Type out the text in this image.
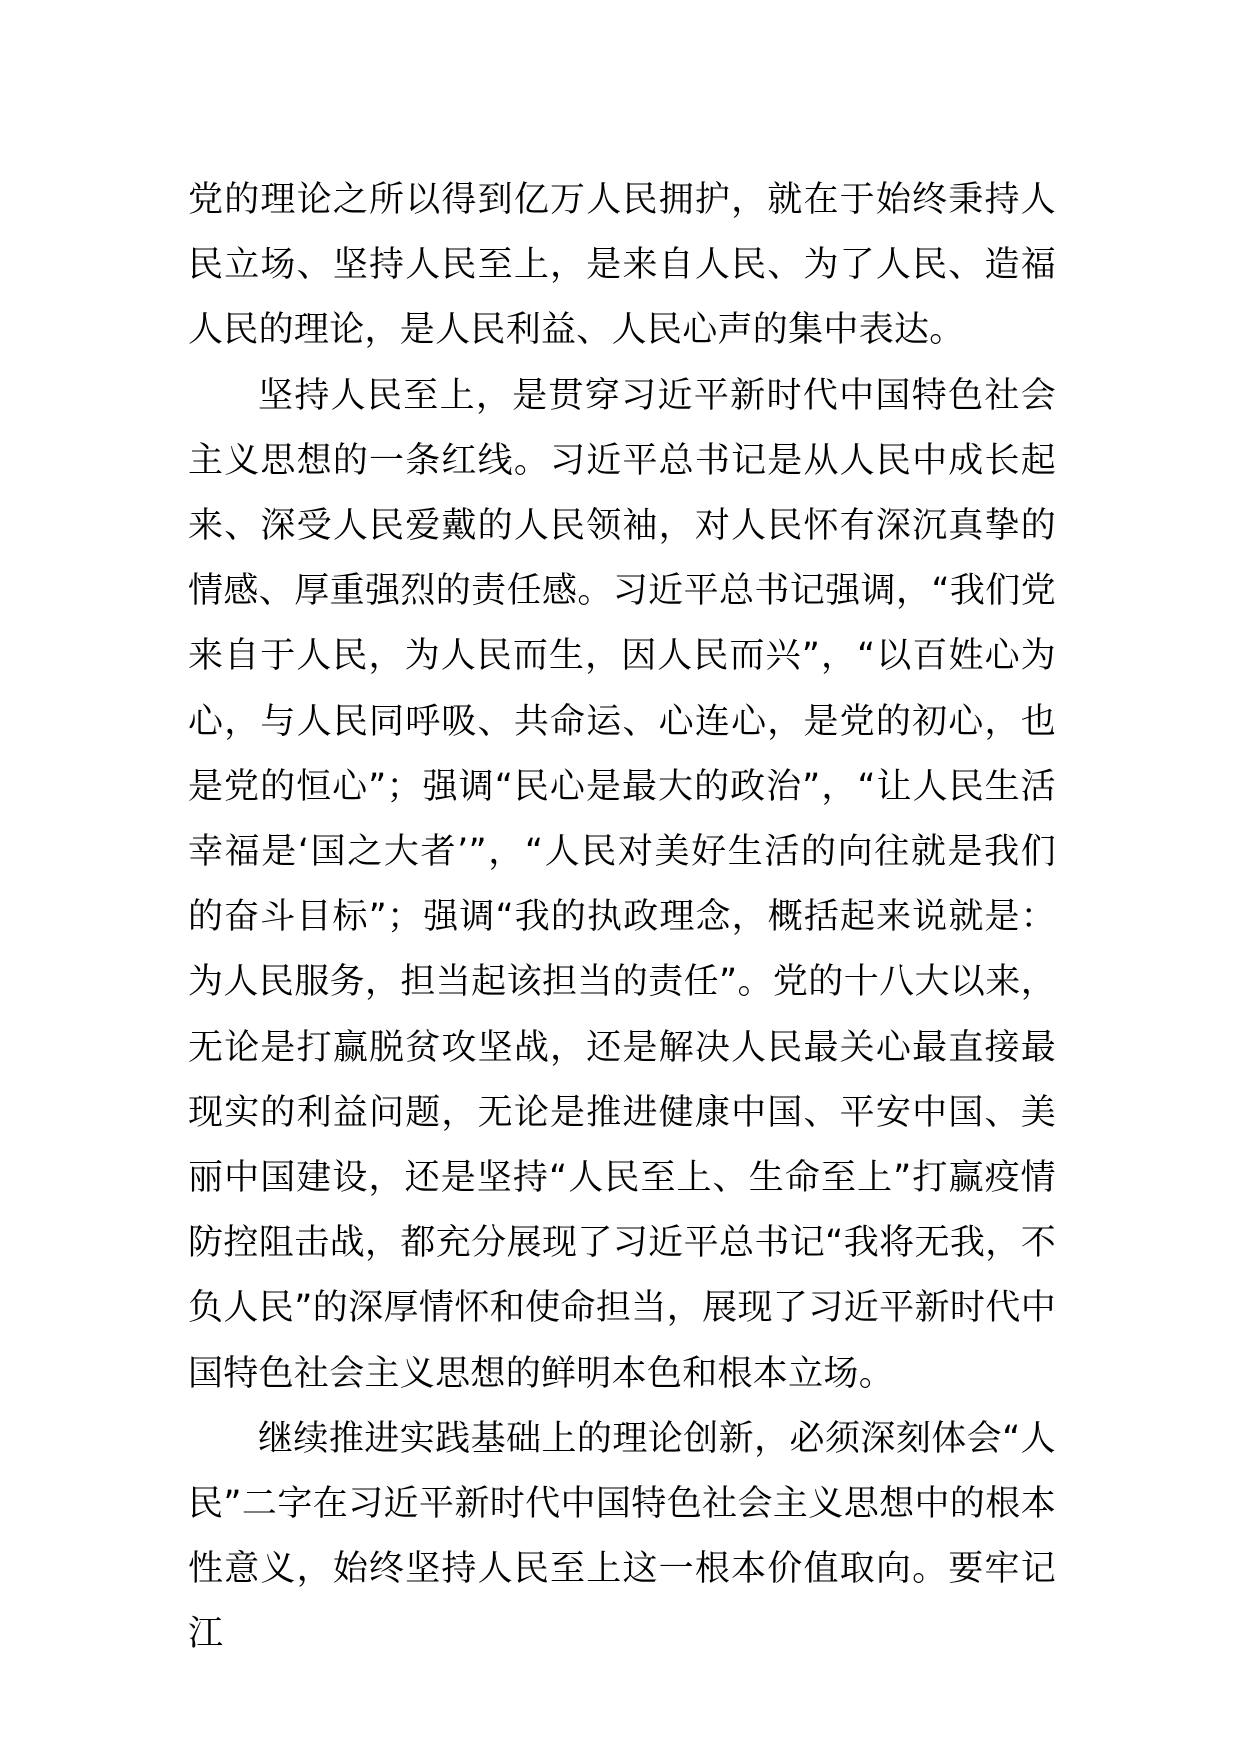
党的理论之所以得到亿万人民拥护，就在于始终秉持人民立场、坚持人民至上，是来自人民、为了人民、造福人民的理论，是人民利益、人民心声的集中表达。

坚持人民至上，是贯穿习近平新时代中国特色社会主义思想的一条红线。习近平总书记是从人民中成长起来、深受人民爱戴的人民领袖，对人民怀有深沉真挚的情感、厚重强烈的责任感。习近平总书记强调，“我们党来自于人民，为人民而生，因人民而兴”，“以百姓心为心，与人民同呼吸、共命运、心连心，是党的初心，也是党的恒心”；强调“民心是最大的政治”，“让人民生活幸福是‘国之大者’”，“人民对美好生活的向往就是我们的奋斗目标”；强调“我的执政理念，概括起来说就是：为人民服务，担当起该担当的责任”。党的十八大以来，无论是打赢脱贫攻坚战，还是解决人民最关心最直接最现实的利益问题，无论是推进健康中国、平安中国、美丽中国建设，还是坚持“人民至上、生命至上”打赢疫情防控阻击战，都充分展现了习近平总书记“我将无我，不负人民”的深厚情怀和使命担当，展现了习近平新时代中国特色社会主义思想的鲜明本色和根本立场。

继续推进实践基础上的理论创新，必须深刻体会“人民”二字在习近平新时代中国特色社会主义思想中的根本性意义，始终坚持人民至上这一根本价值取向。要牢记江
